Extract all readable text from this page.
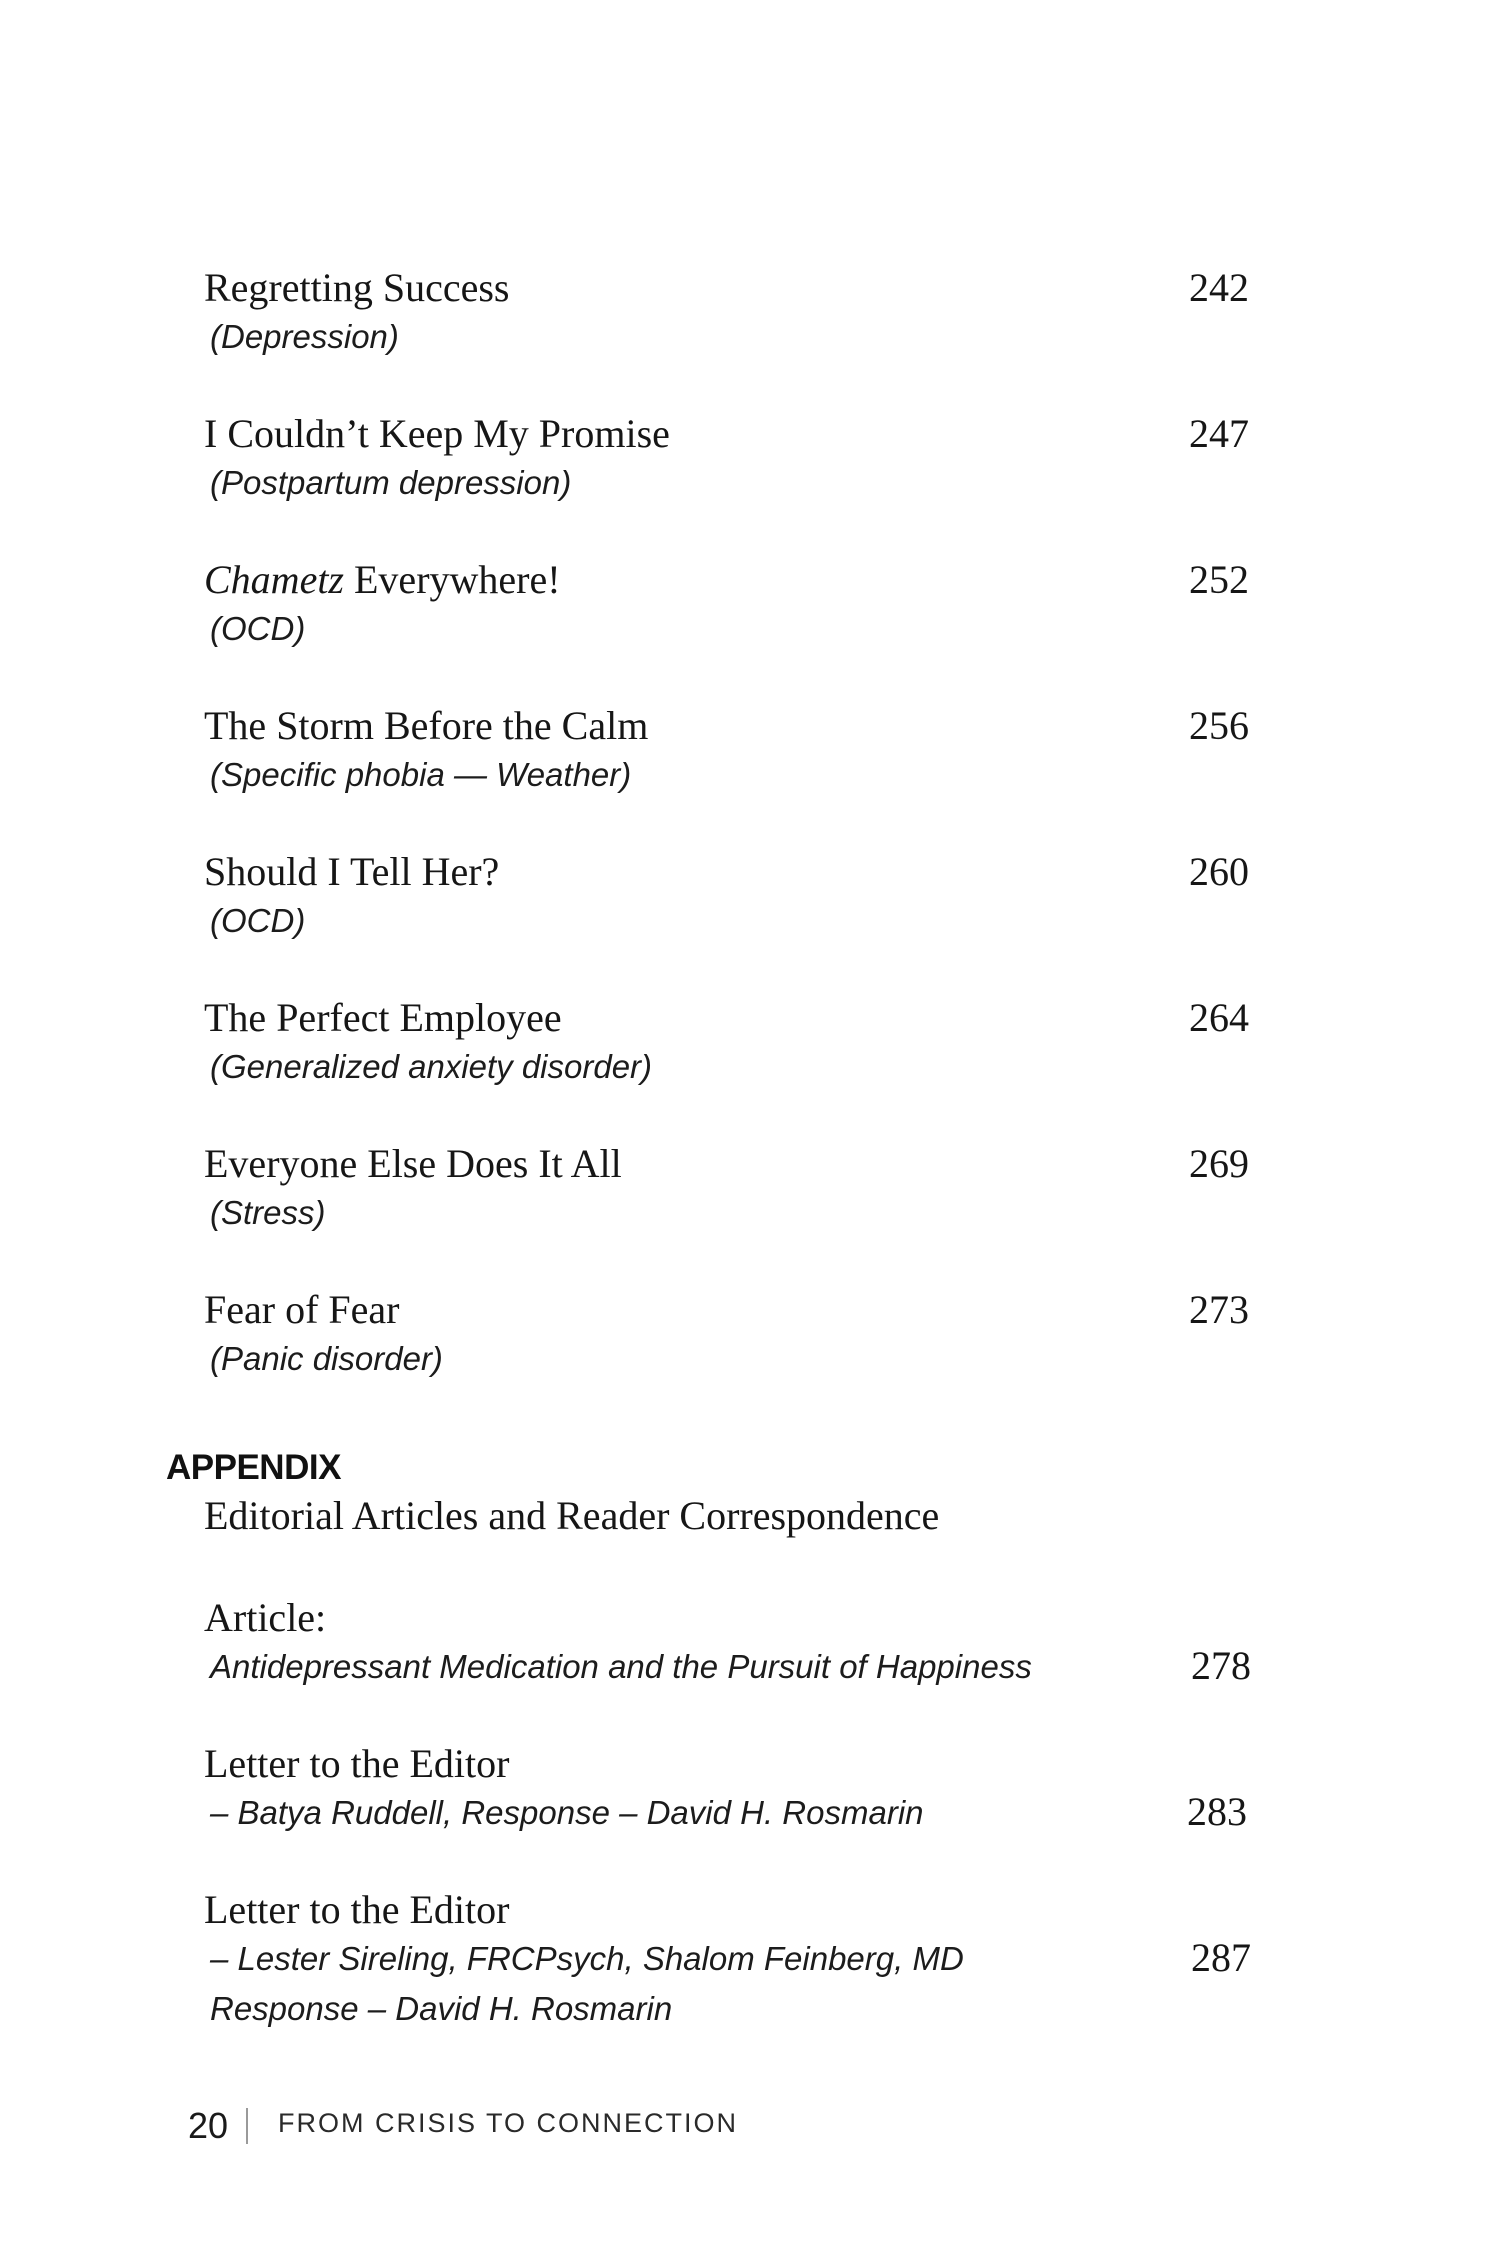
Regretting Success
(Depression)
242
I Couldn’t Keep My Promise
(Postpartum depression)
247
Chametz Everywhere!
(OCD)
252
The Storm Before the Calm
(Specific phobia — Weather)
256
Should I Tell Her?
(OCD)
260
The Perfect Employee
(Generalized anxiety disorder)
264
Everyone Else Does It All
(Stress)
269
Fear of Fear
(Panic disorder)
273
APPENDIX
Editorial Articles and Reader Correspondence
Article:
Antidepressant Medication and the Pursuit of Happiness	278
Letter to the Editor
– Batya Ruddell, Response – David H. Rosmarin	283
Letter to the Editor
– Lester Sireling, FRCPsych, Shalom Feinberg, MD
Response – David H. Rosmarin
287
20 FROM CRISIS TO CONNECTION
